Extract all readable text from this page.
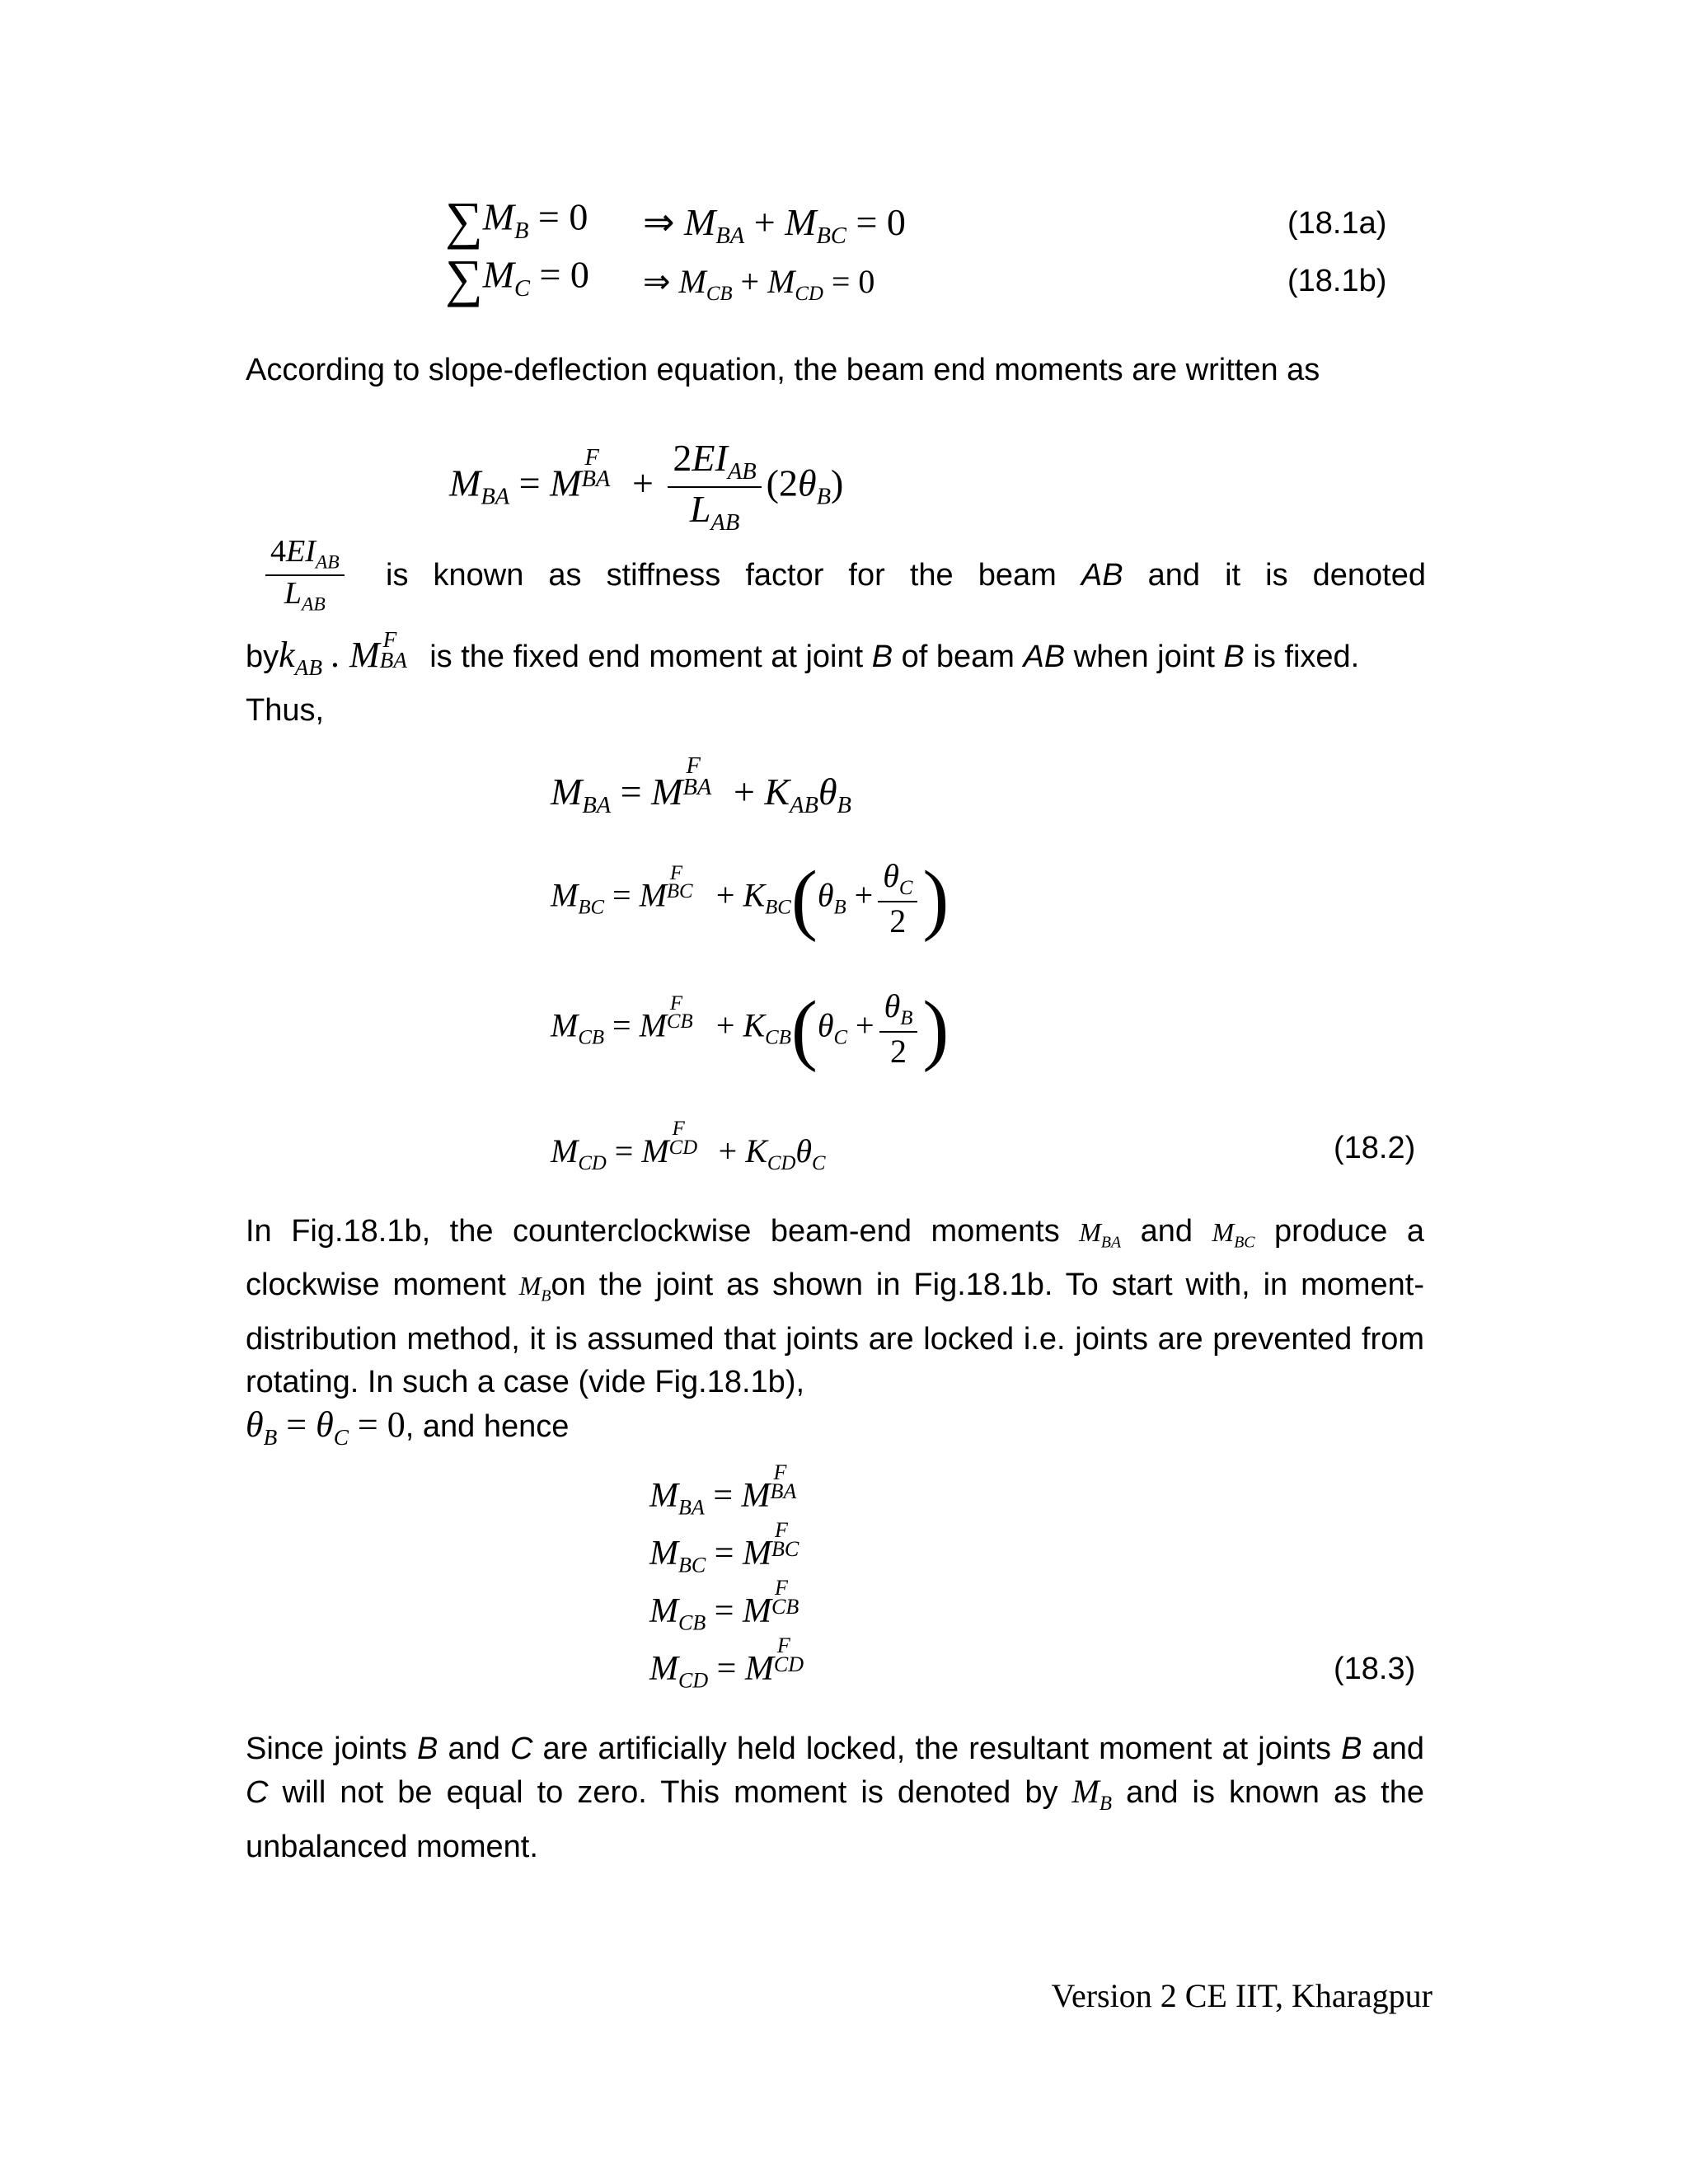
$\sum M_B = 0$ ⇒ $M_{BA} + M_{BC} = 0$	(18.1a)
$\sum M_C = 0$ ⇒ $M_{CB} + M_{CD} = 0$	(18.1b)
According to slope-deflection equation, the beam end moments are written as
$M_{BA} = M$
F
BA + $\frac{2EI_{AB}}{L_{AB}} (2\theta_B)$
$\frac{4EI_{AB}}{L_{AB}}$ is known as stiffness factor for the beam AB and it is denoted
byk$_{AB}$ . M F
BA is the fixed end moment at joint B of beam AB when joint B is fixed.
Thus,
$M_{BA} = M$
F
BA + $K_{AB}\theta_B$
$M_{BC} = M$
F
BC + $K_{BC}(\theta_B + \frac{\theta_C}{2}$ )
$M_{CB} = M$
F
CB + $K_{CB}(\theta_C + \frac{\theta_B}{2}$ )
$M_{CD} = M$
F
CD + $K_{CD}\theta_C$	(18.2)
In Fig.18.1b, the counterclockwise beam-end moments $M_{BA}$ and $M_{BC}$ produce a clockwise moment $M_Bon$ the joint as shown in Fig.18.1b. To start with, in moment-distribution method, it is assumed that joints are locked i.e. joints are prevented from rotating. In such a case (vide Fig.18.1b),
$\theta_B = \theta_C = 0$, and hence
$M_{BA} = M$
F
BA
$M_{BC} = M$
F
BC
$M_{CB} = M$
F
CB
$M_{CD} = M$
F
CD	(18.3)
Since joints B and C are artificially held locked, the resultant moment at joints B and C will not be equal to zero. This moment is denoted by $M_B$ and is known as the unbalanced moment.
Version 2 CE IIT, Kharagpur
